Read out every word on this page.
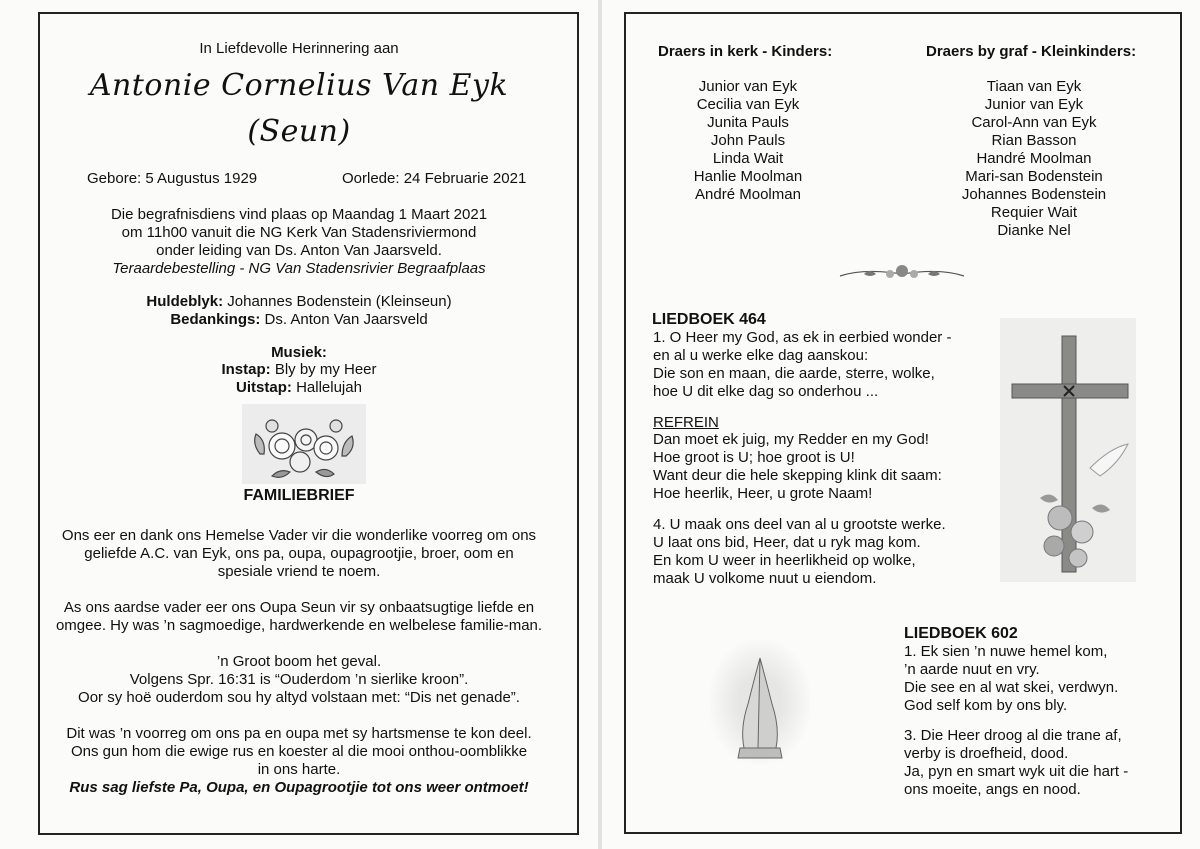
In Liefdevolle Herinnering aan
Antonie Cornelius Van Eyk
(Seun)
Gebore: 5 Augustus 1929	Oorlede: 24 Februarie 2021
Die begrafnisdiens vind plaas op Maandag 1 Maart 2021
om 11h00 vanuit die NG Kerk Van Stadensriviermond
onder leiding van Ds. Anton Van Jaarsveld.
Teraardebestelling - NG Van Stadensrivier Begraafplaas
Huldeblyk: Johannes Bodenstein (Kleinseun)
Bedankings: Ds. Anton Van Jaarsveld
Musiek:
Instap: Bly by my Heer
Uitstap: Hallelujah
FAMILIEBRIEF
Ons eer en dank ons Hemelse Vader vir die wonderlike voorreg om ons
geliefde A.C. van Eyk, ons pa, oupa, oupagrootjie, broer, oom en
spesiale vriend te noem.
As ons aardse vader eer ons Oupa Seun vir sy onbaatsugtige liefde en
omgee. Hy was ’n sagmoedige, hardwerkende en welbelese familie-man.
’n Groot boom het geval.
Volgens Spr. 16:31 is “Ouderdom ’n sierlike kroon”.
Oor sy hoë ouderdom sou hy altyd volstaan met: “Dis net genade”.
Dit was ’n voorreg om ons pa en oupa met sy hartsmense te kon deel.
Ons gun hom die ewige rus en koester al die mooi onthou-oomblikke
in ons harte.
Rus sag liefste Pa, Oupa, en Oupagrootjie tot ons weer ontmoet!
Draers in kerk - Kinders:	Draers by graf - Kleinkinders:
Junior van Eyk
Cecilia van Eyk
Junita Pauls
John Pauls
Linda Wait
Hanlie Moolman
André Moolman
Tiaan van Eyk
Junior van Eyk
Carol-Ann van Eyk
Rian Basson
Handré Moolman
Mari-san Bodenstein
Johannes Bodenstein
Requier Wait
Dianke Nel
LIEDBOEK 464
1. O Heer my God, as ek in eerbied wonder -
en al u werke elke dag aanskou:
Die son en maan, die aarde, sterre, wolke,
hoe U dit elke dag so onderhou ...
REFREIN
Dan moet ek juig, my Redder en my God!
Hoe groot is U; hoe groot is U!
Want deur die hele skepping klink dit saam:
Hoe heerlik, Heer, u grote Naam!
4. U maak ons deel van al u grootste werke.
U laat ons bid, Heer, dat u ryk mag kom.
En kom U weer in heerlikheid op wolke,
maak U volkome nuut u eiendom.
LIEDBOEK 602
1. Ek sien ’n nuwe hemel kom,
’n aarde nuut en vry.
Die see en al wat skei, verdwyn.
God self kom by ons bly.
3. Die Heer droog al die trane af,
verby is droefheid, dood.
Ja, pyn en smart wyk uit die hart -
ons moeite, angs en nood.
